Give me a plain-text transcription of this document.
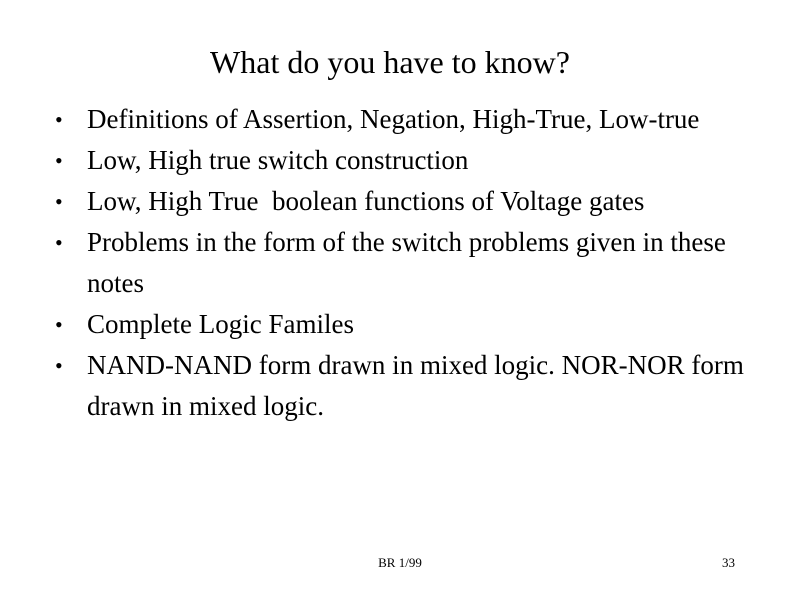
What do you have to know?
• Definitions of Assertion, Negation, High-True, Low-true
• Low, High true switch construction
• Low, High True  boolean functions of Voltage gates
• Problems in the form of the switch problems given in these notes
• Complete Logic Familes
• NAND-NAND form drawn in mixed logic. NOR-NOR form drawn in mixed logic.
BR 1/99	33
